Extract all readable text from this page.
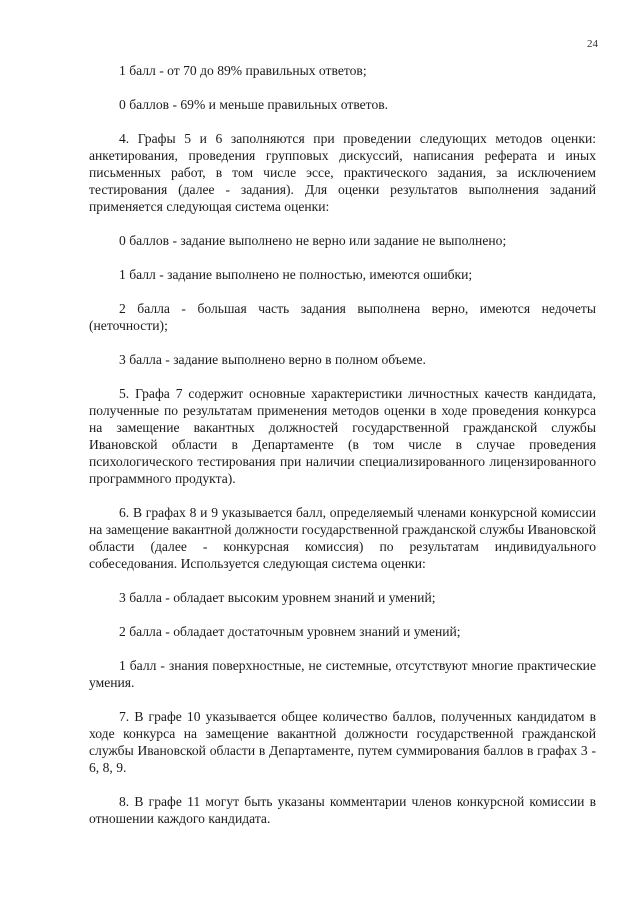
24

1 балл - от 70 до 89% правильных ответов;

0 баллов - 69% и меньше правильных ответов.

4. Графы 5 и 6 заполняются при проведении следующих методов оценки: анкетирования, проведения групповых дискуссий, написания реферата и иных письменных работ, в том числе эссе, практического задания, за исключением тестирования (далее - задания). Для оценки результатов выполнения заданий применяется следующая система оценки:

0 баллов - задание выполнено не верно или задание не выполнено;

1 балл - задание выполнено не полностью, имеются ошибки;

2 балла - большая часть задания выполнена верно, имеются недочеты (неточности);

3 балла - задание выполнено верно в полном объеме.

5. Графа 7 содержит основные характеристики личностных качеств кандидата, полученные по результатам применения методов оценки в ходе проведения конкурса на замещение вакантных должностей государственной гражданской службы Ивановской области в Департаменте (в том числе в случае проведения психологического тестирования при наличии специализированного лицензированного программного продукта).

6. В графах 8 и 9 указывается балл, определяемый членами конкурсной комиссии на замещение вакантной должности государственной гражданской службы Ивановской области (далее - конкурсная комиссия) по результатам индивидуального собеседования. Используется следующая система оценки:

3 балла - обладает высоким уровнем знаний и умений;

2 балла - обладает достаточным уровнем знаний и умений;

1 балл - знания поверхностные, не системные, отсутствуют многие практические умения.

7. В графе 10 указывается общее количество баллов, полученных кандидатом в ходе конкурса на замещение вакантной должности государственной гражданской службы Ивановской области в Департаменте, путем суммирования баллов в графах 3 - 6, 8, 9.

8. В графе 11 могут быть указаны комментарии членов конкурсной комиссии в отношении каждого кандидата.
